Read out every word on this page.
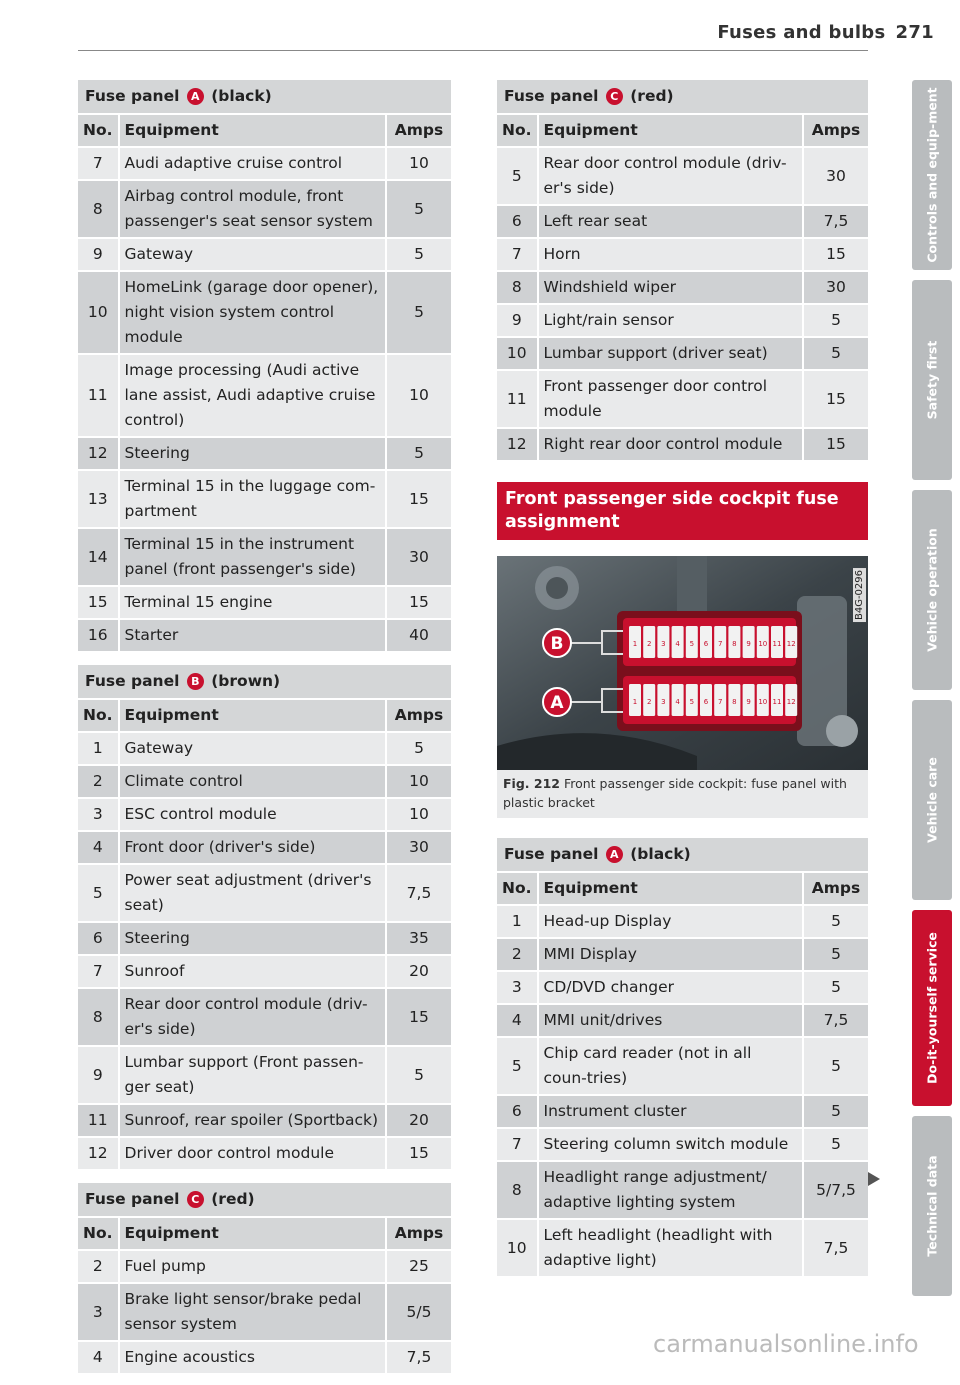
Fuses and bulbs 271
Fuse panel A (black)		
No.	Equipment	Amps
7	Audi adaptive cruise control	10
8	Airbag control module, front passenger's seat sensor system	5
9	Gateway	5
10	HomeLink (garage door opener), night vision system control module	5
11	Image processing (Audi active lane assist, Audi adaptive cruise control)	10
12	Steering	5
13	Terminal 15 in the luggage com-partment	15
14	Terminal 15 in the instrument panel (front passenger's side)	30
15	Terminal 15 engine	15
16	Starter	40
Fuse panel B (brown)		
No.	Equipment	Amps
1	Gateway	5
2	Climate control	10
3	ESC control module	10
4	Front door (driver's side)	30
5	Power seat adjustment (driver's seat)	7,5
6	Steering	35
7	Sunroof	20
8	Rear door control module (driv-er's side)	15
9	Lumbar support (Front passen-ger seat)	5
11	Sunroof, rear spoiler (Sportback)	20
12	Driver door control module	15
Fuse panel C (red)		
No.	Equipment	Amps
2	Fuel pump	25
3	Brake light sensor/brake pedal sensor system	5/5
4	Engine acoustics	7,5
Fuse panel C (red)		
No.	Equipment	Amps
5	Rear door control module (driv-er's side)	30
6	Left rear seat	7,5
7	Horn	15
8	Windshield wiper	30
9	Light/rain sensor	5
10	Lumbar support (driver seat)	5
11	Front passenger door control module	15
12	Right rear door control module	15
Front passenger side cockpit fuse assignment
1 2 3 4 5 6 7 8 9 10 11 12
1 2 3 4 5 6 7 8 9 10 11 12
B
A
B4G-0296
Fig. 212 Front passenger side cockpit: fuse panel with plastic bracket
Fuse panel A (black)		
No.	Equipment	Amps
1	Head-up Display	5
2	MMI Display	5
3	CD/DVD changer	5
4	MMI unit/drives	7,5
5	Chip card reader (not in all coun-tries)	5
6	Instrument cluster	5
7	Steering column switch module	5
8	Headlight range adjustment/ adaptive lighting system	5/7,5
10	Left headlight (headlight with adaptive light)	7,5
Controls and equip-ment
Safety first
Vehicle operation
Vehicle care
Do-it-yourself service
Technical data
carmanualsonline.info
